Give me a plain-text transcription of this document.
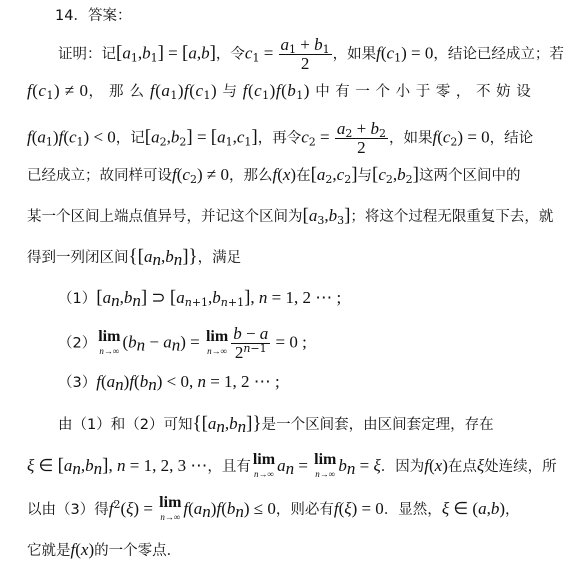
14．答案：
证明：记$[a_1,b_1] = [a,b]$，令$c_1 = \frac{a_1 + b_1}{2}$ ，如果$f(c_1) = 0$，结论已经成立；若
$f(c_1) \ne 0$，那么$f(a_1)f(c_1)$ 与 $f(c_1)f(b_1)$ 中有一个小于零，不妨设
$f(a_1)f(c_1) < 0$，记$[a_2,b_2] = [a_1,c_1]$，再令$c_2 = \frac{a_2 + b_2}{2}$ ，如果$f(c_2) = 0$，结论
已经成立；故同样可设$f(c_2) \ne 0$，那么f(x)在$[a_2,c_2]$与$[c_2,b_2]$这两个区间中的
某一个区间上端点值异号，并记这个区间为$[a_3,b_3]$；将这个过程无限重复下去，就
得到一列闭区间$\{[a_n,b_n]\}$，满足
$(1)[a_n,b_n]$ ⊃ $[a_{n+1},b_{n+1}]$, n = 1, 2 ⋯ ;
（2） lim
n→∞ $(b_n - a_n) = \lim$
$n\to\infty \frac{b - a}{2^{n-1}} = 0$ ;
$(3)f(a_n)f(b_n) < 0$, n = 1, 2 ⋯ ;
由（1）和（2）可知$\{[a_n,b_n]\}$是一个区间套，由区间套定理，存在
ξ ∈ $[a_n,b_n]$, n = 1, 2, 3 ⋯，且有 lim
n→∞ $a_n = \lim$
n→∞ $b_n = \xi$．因为f(x)在点ξ处连续，所
以由（3）得$f^2(\xi) = \lim$
n→∞ $f(a_n)f(b_n) \le 0$，则必有f(ξ) = 0．显然，ξ ∈ (a,b)，
它就是f(x)的一个零点．
